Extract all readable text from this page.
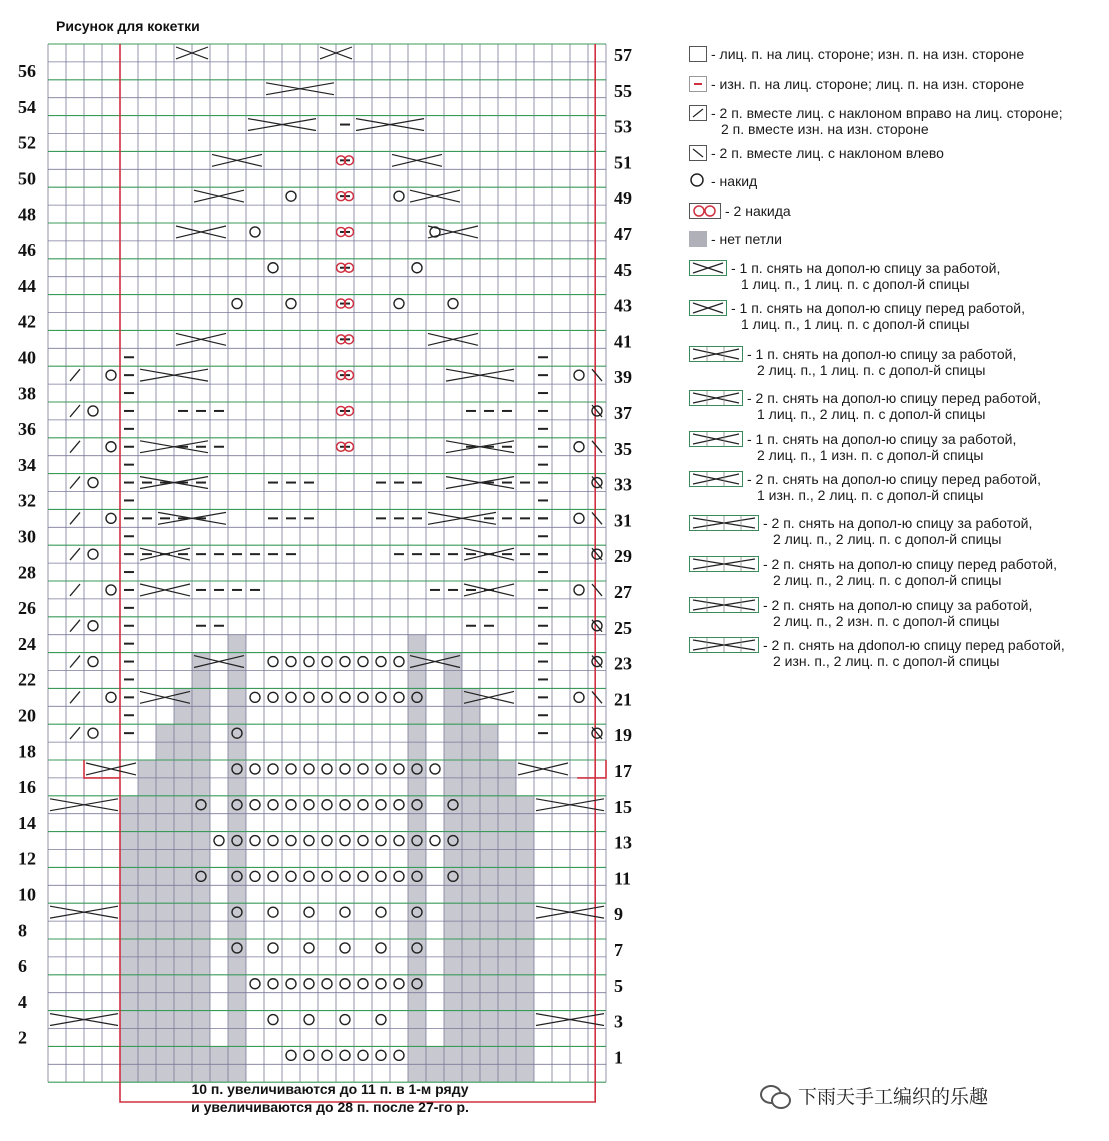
Рисунок для кокетки
56
54
52
50
48
46
44
42
40
38
36
34
32
30
28
26
24
22
20
18
16
14
12
10
8
6
4
2
57
55
53
51
49
47
45
43
41
39
37
35
33
31
29
27
25
23
21
19
17
15
13
11
9
7
5
3
1
- лиц. п. на лиц. стороне; изн. п. на изн. стороне
- изн. п. на лиц. стороне; лиц. п. на изн. стороне
- 2 п. вместе лиц. с наклоном вправо на лиц. стороне;
2 п. вместе изн. на изн. стороне
- 2 п. вместе лиц. с наклоном влево
- накид
- 2 накида
- нет петли
- 1 п. снять на допол-ю спицу за работой,
1 лиц. п., 1 лиц. п. с допол-й спицы
- 1 п. снять на допол-ю спицу перед работой,
1 лиц. п., 1 лиц. п. с допол-й спицы
- 1 п. снять на допол-ю спицу за работой,
2 лиц. п., 1 лиц. п. с допол-й спицы
- 2 п. снять на допол-ю спицу перед работой,
1 лиц. п., 2 лиц. п. с допол-й спицы
- 1 п. снять на допол-ю спицу за работой,
2 лиц. п., 1 изн. п. с допол-й спицы
- 2 п. снять на допол-ю спицу перед работой,
1 изн. п., 2 лиц. п. с допол-й спицы
- 2 п. снять на допол-ю спицу за работой,
2 лиц. п., 2 лиц. п. с допол-й спицы
- 2 п. снять на допол-ю спицу перед работой,
2 лиц. п., 2 лиц. п. с допол-й спицы
- 2 п. снять на допол-ю спицу за работой,
2 лиц. п., 2 изн. п. с допол-й спицы
- 2 п. снять на дdопол-ю спицу перед работой,
2 изн. п., 2 лиц. п. с допол-й спицы
10 п. увеличиваются до 11 п. в 1-м ряду
и увеличиваются до 28 п. после 27-го р.	下雨天手工编织的乐趣
